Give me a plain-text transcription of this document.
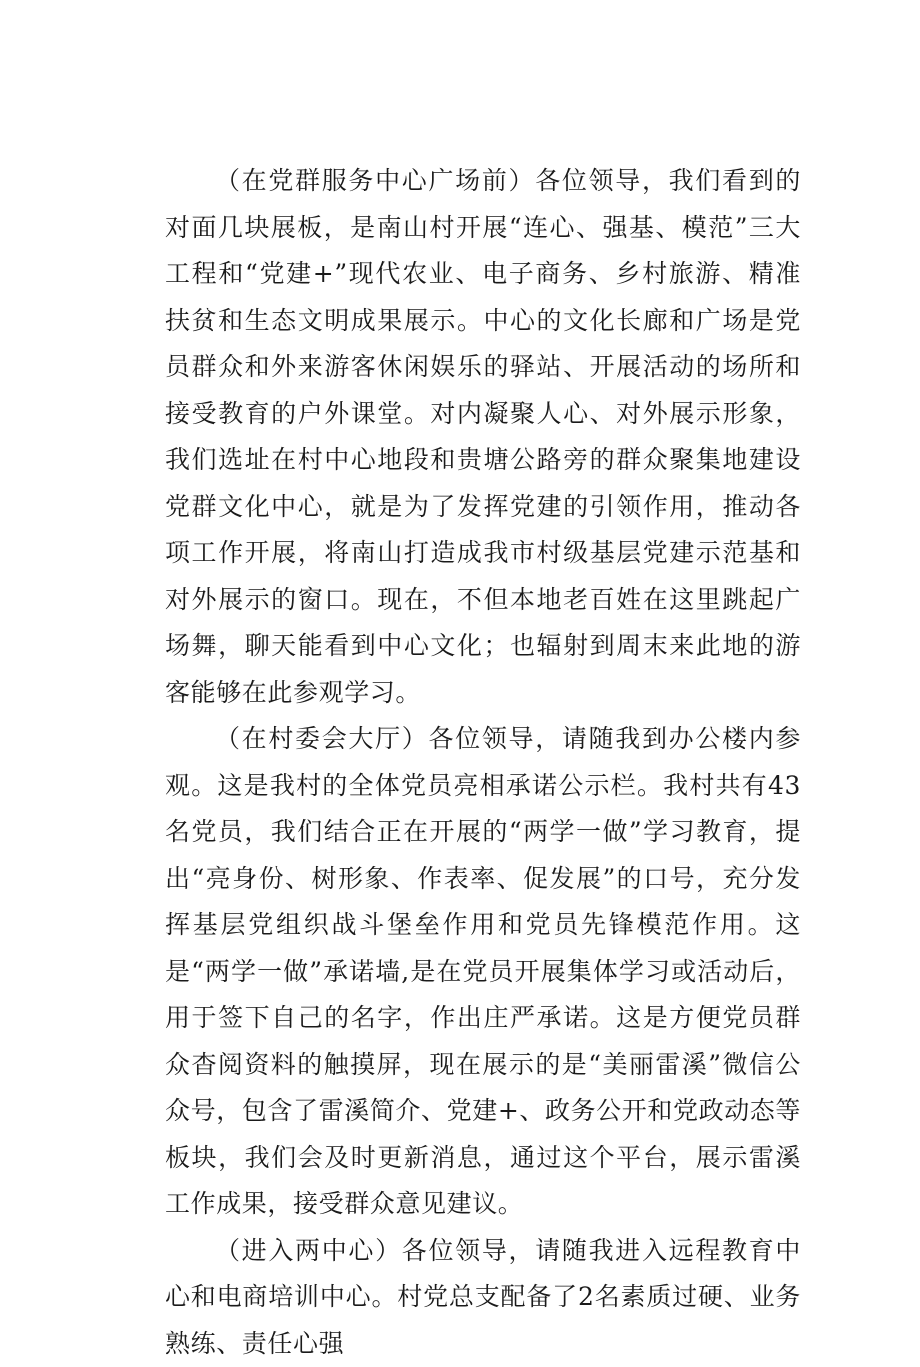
（在党群服务中心广场前）各位领导，我们看到的对面几块展板，是南山村开展“连心、强基、模范”三大工程和“党建+”现代农业、电子商务、乡村旅游、精准扶贫和生态文明成果展示。中心的文化长廊和广场是党员群众和外来游客休闲娱乐的驿站、开展活动的场所和接受教育的户外课堂。对内凝聚人心、对外展示形象，我们选址在村中心地段和贵塘公路旁的群众聚集地建设党群文化中心，就是为了发挥党建的引领作用，推动各项工作开展，将南山打造成我市村级基层党建示范基和对外展示的窗口。现在，不但本地老百姓在这里跳起广场舞，聊天能看到中心文化；也辐射到周末来此地的游客能够在此参观学习。

（在村委会大厅）各位领导，请随我到办公楼内参观。这是我村的全体党员亮相承诺公示栏。我村共有43名党员，我们结合正在开展的“两学一做”学习教育，提出“亮身份、树形象、作表率、促发展”的口号，充分发挥基层党组织战斗堡垒作用和党员先锋模范作用。这是“两学一做”承诺墙,是在党员开展集体学习或活动后，用于签下自己的名字，作出庄严承诺。这是方便党员群众杳阅资料的触摸屏，现在展示的是“美丽雷溪”微信公众号，包含了雷溪简介、党建+、政务公开和党政动态等板块，我们会及时更新消息，通过这个平台，展示雷溪工作成果，接受群众意见建议。

（进入两中心）各位领导，请随我进入远程教育中心和电商培训中心。村党总支配备了2名素质过硬、业务熟练、责任心强
